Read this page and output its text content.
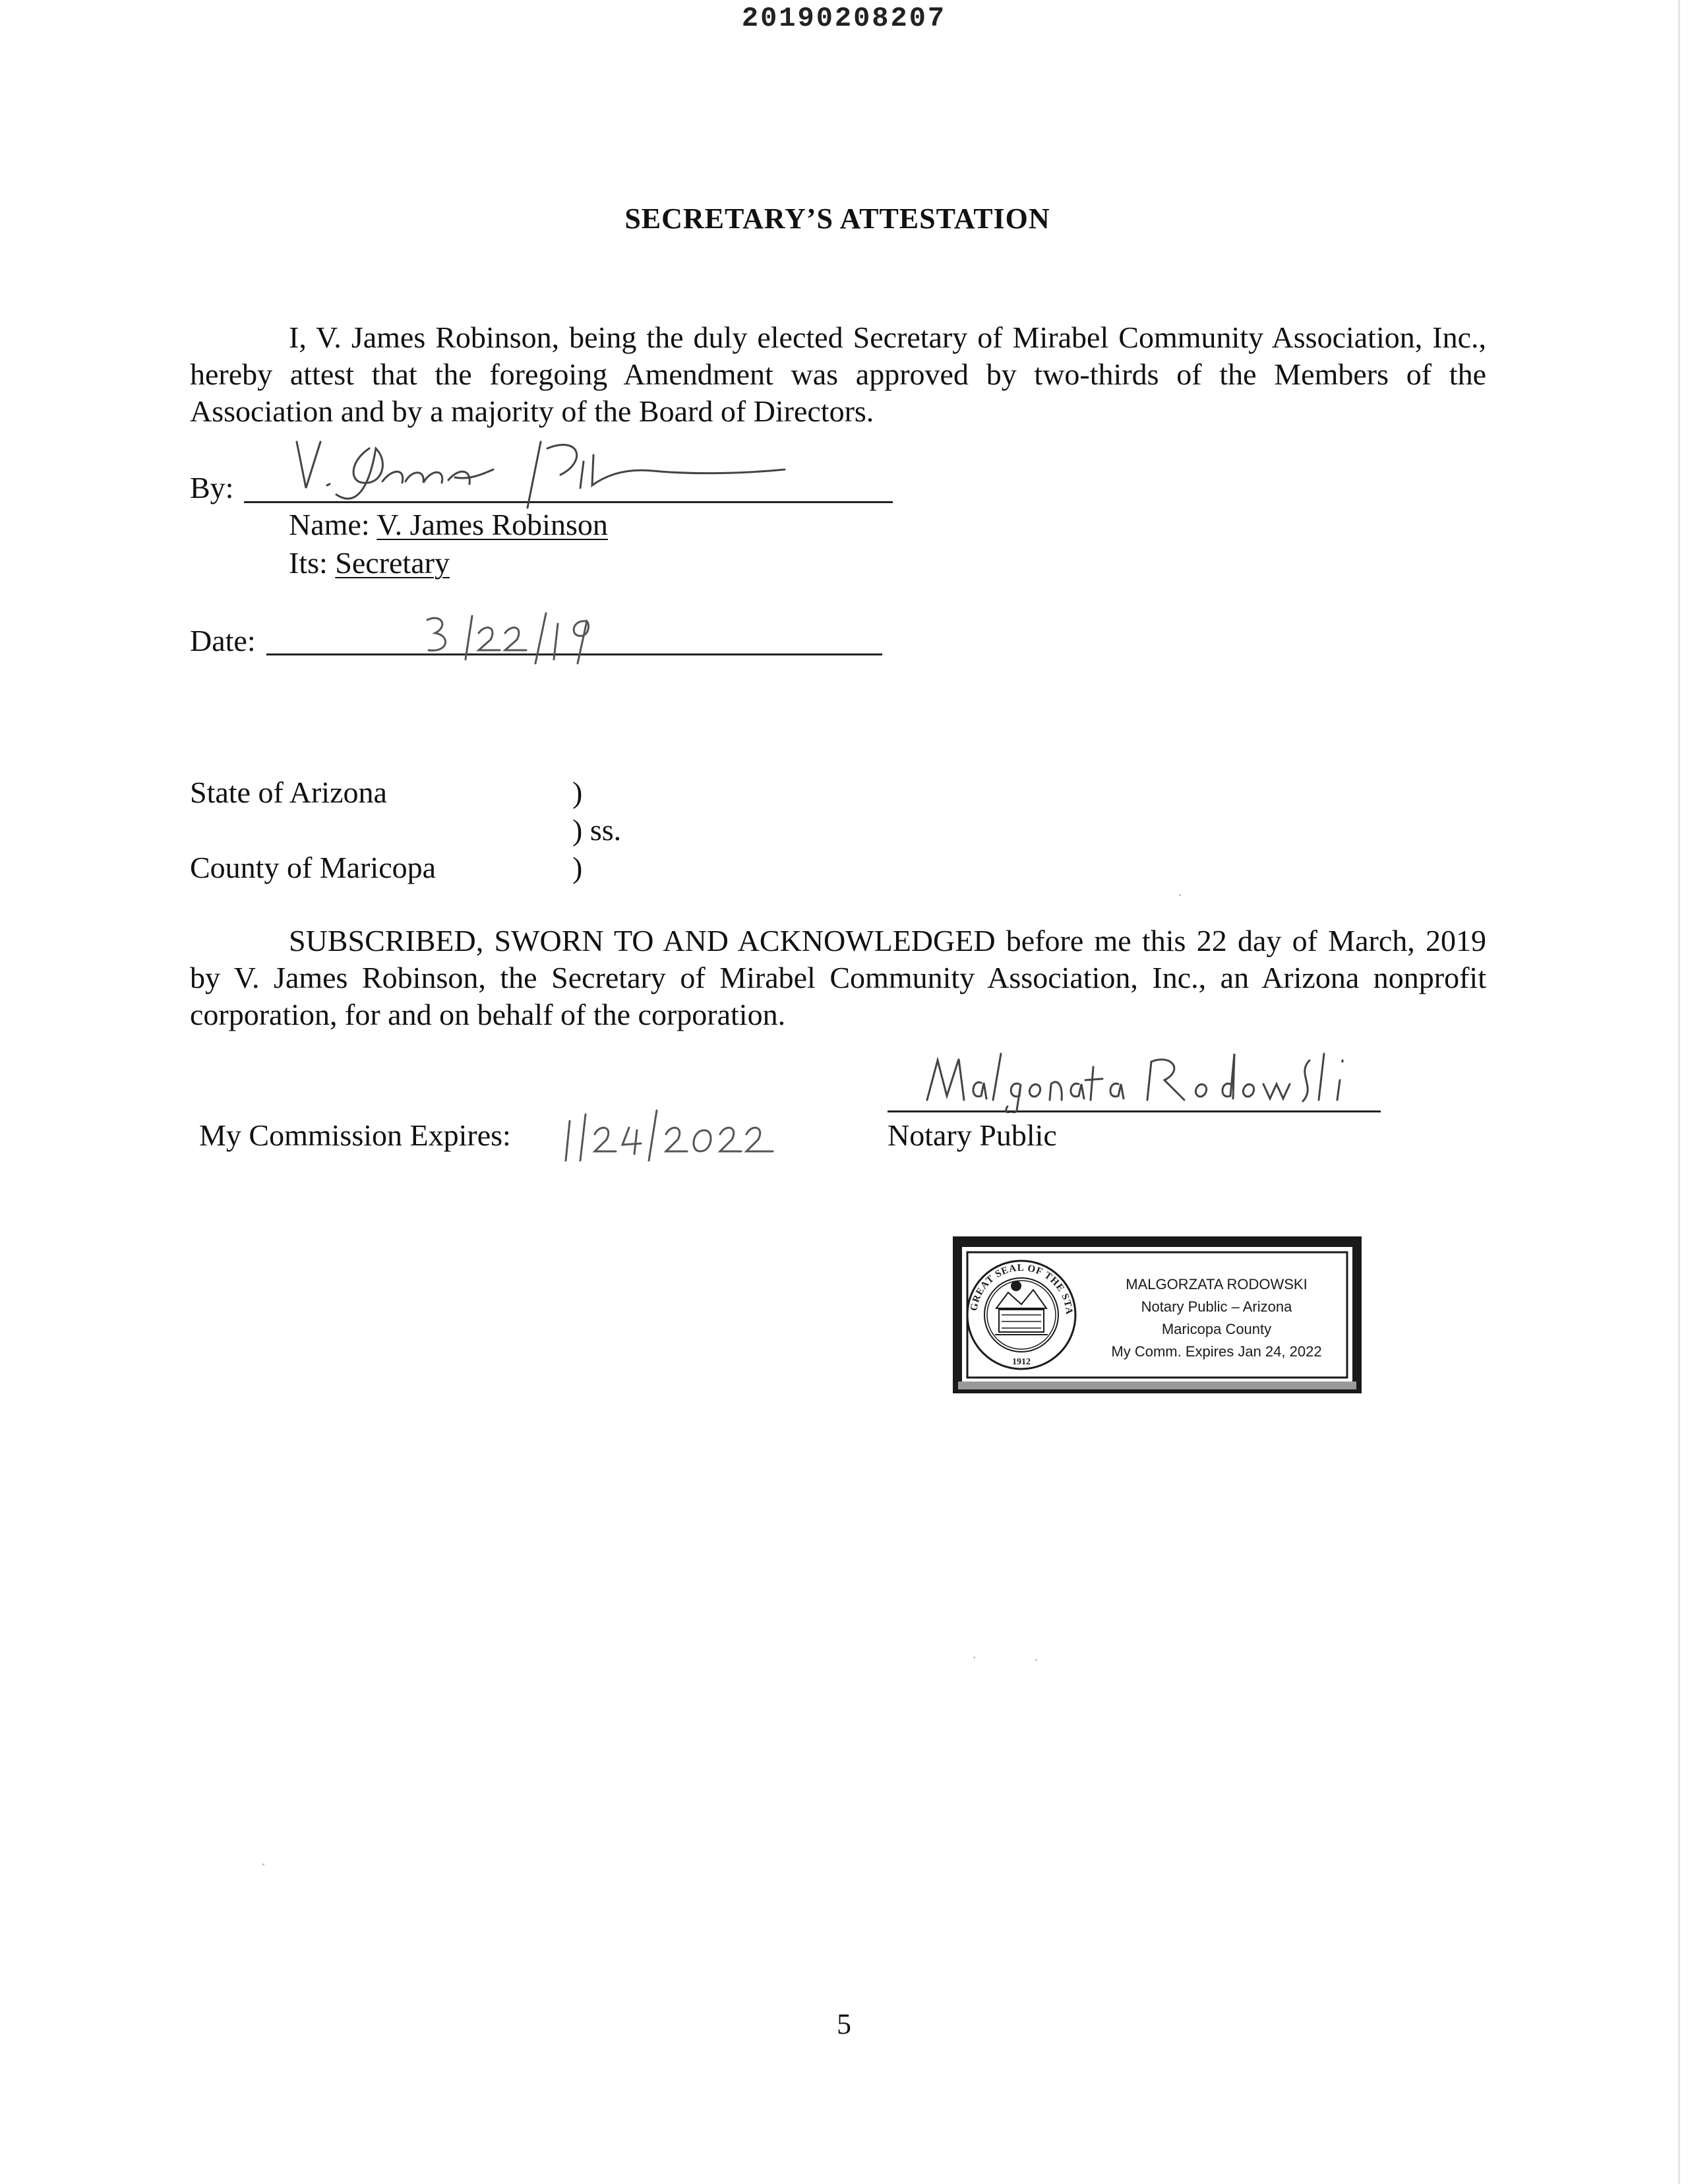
20190208207
SECRETARY’S ATTESTATION
I, V. James Robinson, being the duly elected Secretary of Mirabel Community Association, Inc., hereby attest that the foregoing Amendment was approved by two-thirds of the Members of the Association and by a majority of the Board of Directors.
By:
Name: V. James Robinson
Its: Secretary
Date:
State of Arizona
County of Maricopa
)
) ss.
)
SUBSCRIBED, SWORN TO AND ACKNOWLEDGED before me this 22 day of March, 2019 by V. James Robinson, the Secretary of Mirabel Community Association, Inc., an Arizona nonprofit corporation, for and on behalf of the corporation.
My Commission Expires:	Notary Public
GREAT SEAL OF THE STATE OF ARIZONA
1912
MALGORZATA RODOWSKI
Notary Public – Arizona
Maricopa County
My Comm. Expires Jan 24, 2022
5
